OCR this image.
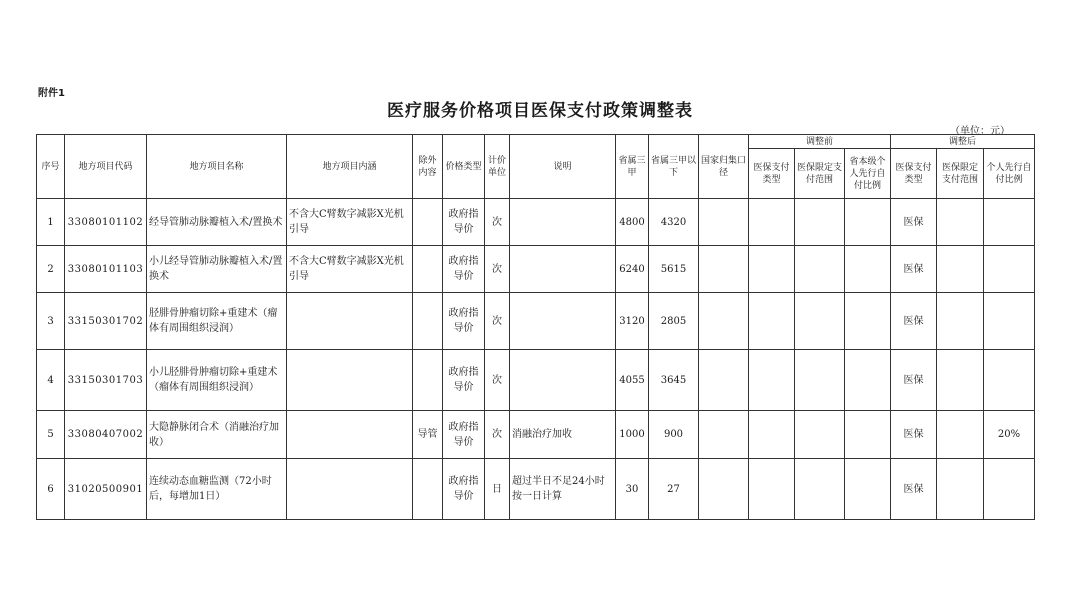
附件1
医疗服务价格项目医保支付政策调整表
（单位：元）
序号	地方项目代码	地方项目名称	地方项目内涵	除外内容	价格类型	计价单位	说明	省属三甲	省属三甲以下	国家归集口径	调整前			调整后		
											医保支付类型	医保限定支付范围	省本级个人先行自付比例	医保支付类型	医保限定支付范围	个人先行自付比例
1	33080101102	经导管肺动脉瓣植入术/置换术	不含大C臂数字减影X光机引导		政府指导价	次		4800	4320					医保		
2	33080101103	小儿经导管肺动脉瓣植入术/置换术	不含大C臂数字减影X光机引导		政府指导价	次		6240	5615					医保		
3	33150301702	胫腓骨肿瘤切除+重建术（瘤体有周围组织浸润）			政府指导价	次		3120	2805					医保		
4	33150301703	小儿胫腓骨肿瘤切除+重建术（瘤体有周围组织浸润）			政府指导价	次		4055	3645					医保		
5	33080407002	大隐静脉闭合术（消融治疗加收）		导管	政府指导价	次	消融治疗加收	1000	900					医保		20%
6	31020500901	连续动态血糖监测（72小时后，每增加1日）			政府指导价	日	超过半日不足24小时按一日计算	30	27					医保		
